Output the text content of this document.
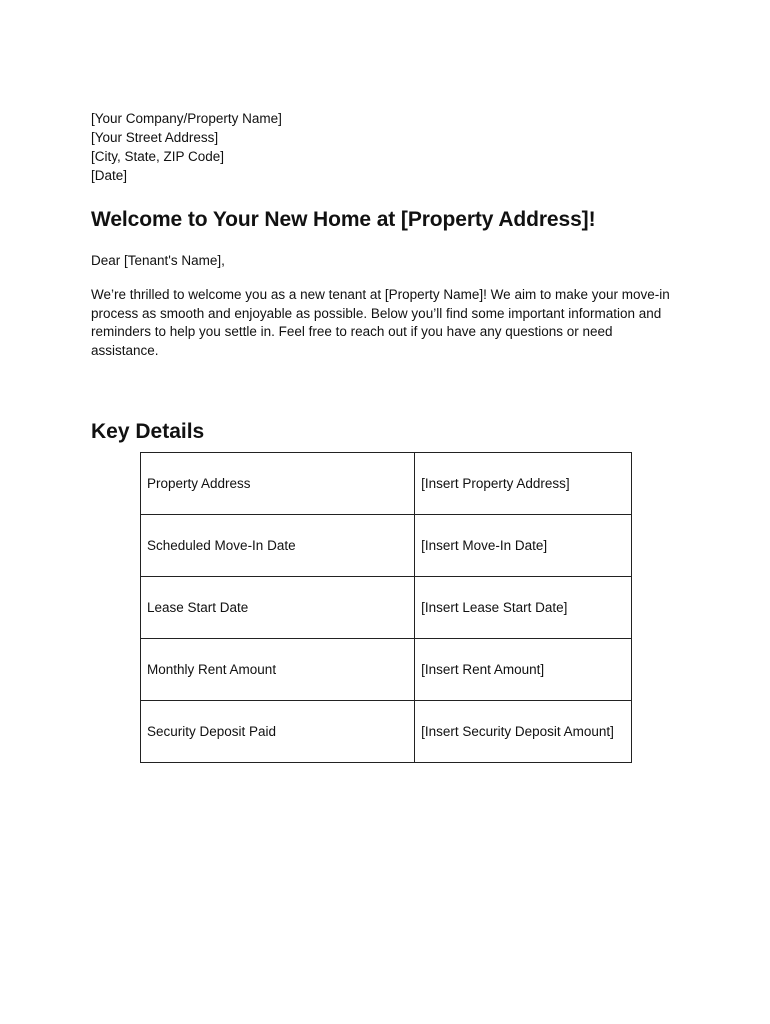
[Your Company/Property Name]
[Your Street Address]
[City, State, ZIP Code]
[Date]
Welcome to Your New Home at [Property Address]!
Dear [Tenant's Name],

We’re thrilled to welcome you as a new tenant at [Property Name]! We aim to make your move-in process as smooth and enjoyable as possible. Below you’ll find some important information and reminders to help you settle in. Feel free to reach out if you have any questions or need assistance.

Key Details
Property Address	[Insert Property Address]
Scheduled Move-In Date	[Insert Move-In Date]
Lease Start Date	[Insert Lease Start Date]
Monthly Rent Amount	[Insert Rent Amount]
Security Deposit Paid	[Insert Security Deposit Amount]
